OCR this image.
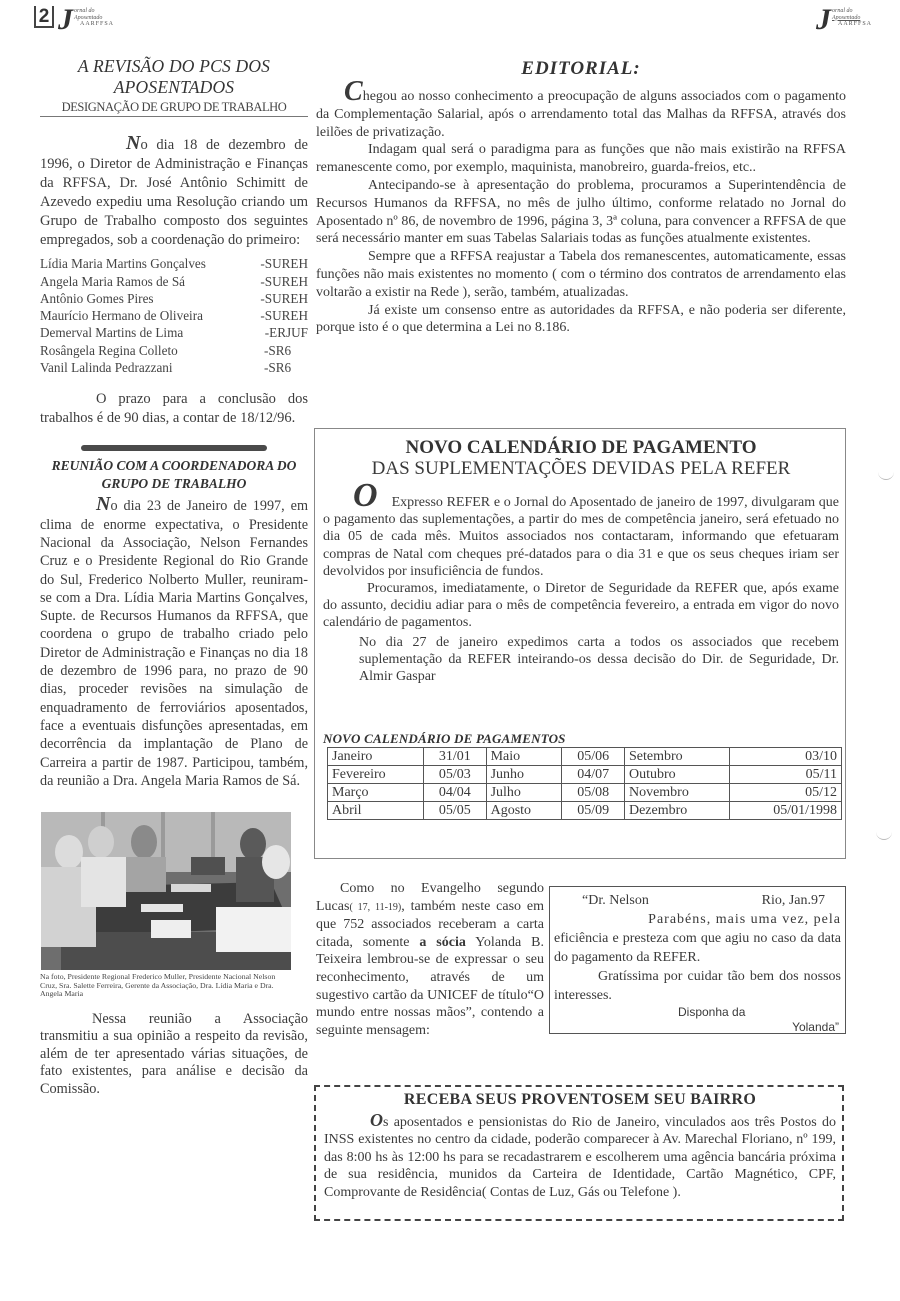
2 J ornal do
Aposentado
AARFFSA	J ornal do
Aposentado
AARFFSA
A REVISÃO DO PCS DOS APOSENTADOS
DESIGNAÇÃO DE GRUPO DE TRABALHO

No dia 18 de dezembro de 1996, o Diretor de Administração e Finanças da RFFSA, Dr. José Antônio Schimitt de Azevedo expediu uma Resolução criando um Grupo de Trabalho composto dos seguintes empregados, sob a coordenação do primeiro:

Lídia Maria Martins Gonçalves	-SUREH
Angela Maria Ramos de Sá	-SUREH
Antônio Gomes Pires	-SUREH
Maurício Hermano de Oliveira	-SUREH
Demerval Martins de Lima	-ERJUF
Rosângela Regina Colleto	-SR6
Vanil Lalinda Pedrazzani	-SR6

O prazo para a conclusão dos trabalhos é de 90 dias, a contar de 18/12/96.

REUNIÃO COM A COORDENADORA DO GRUPO DE TRABALHO

No dia 23 de Janeiro de 1997, em clima de enorme expectativa, o Presidente Nacional da Associação, Nelson Fernandes Cruz e o Presidente Regional do Rio Grande do Sul, Frederico Nolberto Muller, reuniram-se com a Dra. Lídia Maria Martins Gonçalves, Supte. de Recursos Humanos da RFFSA, que coordena o grupo de trabalho criado pelo Diretor de Administração e Finanças no dia 18 de dezembro de 1996 para, no prazo de 90 dias, proceder revisões na simulação de enquadramento de ferroviários aposentados, face a eventuais disfunções apresentadas, em decorrência da implantação de Plano de Carreira a partir de 1987. Participou, também, da reunião a Dra. Angela Maria Ramos de Sá.

Na foto, Presidente Regional Frederico Muller, Presidente Nacional Nelson Cruz, Sra. Salette Ferreira, Gerente da Associação, Dra. Lídia Maria e Dra. Angela Maria

Nessa reunião a Associação transmitiu a sua opinião a respeito da revisão, além de ter apresentado várias situações, de fato existentes, para análise e decisão da Comissão.

EDITORIAL:

Chegou ao nosso conhecimento a preocupação de alguns associados com o pagamento da Complementação Salarial, após o arrendamento total das Malhas da RFFSA, através dos leilões de privatização.

Indagam qual será o paradigma para as funções que não mais existirão na RFFSA remanescente como, por exemplo, maquinista, manobreiro, guarda-freios, etc..

Antecipando-se à apresentação do problema, procuramos a Superintendência de Recursos Humanos da RFFSA, no mês de julho último, conforme relatado no Jornal do Aposentado nº 86, de novembro de 1996, página 3, 3ª coluna, para convencer a RFFSA de que será necessário manter em suas Tabelas Salariais todas as funções atualmente existentes.

Sempre que a RFFSA reajustar a Tabela dos remanescentes, automaticamente, essas funções não mais existentes no momento ( com o término dos contratos de arrendamento elas voltarão a existir na Rede ), serão, também, atualizadas.

Já existe um consenso entre as autoridades da RFFSA, e não poderia ser diferente, porque isto é o que determina a Lei no 8.186.

NOVO CALENDÁRIO DE PAGAMENTO
DAS SUPLEMENTAÇÕES DEVIDAS PELA REFER

O Expresso REFER e o Jornal do Aposentado de janeiro de 1997, divulgaram que o pagamento das suplementações, a partir do mes de competência janeiro, será efetuado no dia 05 de cada mês. Muitos associados nos contactaram, informando que efetuaram compras de Natal com cheques pré-datados para o dia 31 e que os seus cheques iriam ser devolvidos por insuficiência de fundos.

Procuramos, imediatamente, o Diretor de Seguridade da REFER que, após exame do assunto, decidiu adiar para o mês de competência fevereiro, a entrada em vigor do novo calendário de pagamentos.

No dia 27 de janeiro expedimos carta a todos os associados que recebem suplementação da REFER inteirando-os dessa decisão do Dir. de Seguridade, Dr. Almir Gaspar

NOVO CALENDÁRIO DE PAGAMENTOS
Janeiro	31/01	Maio	05/06	Setembro	03/10
Fevereiro	05/03	Junho	04/07	Outubro	05/11
Março	04/04	Julho	05/08	Novembro	05/12
Abril	05/05	Agosto	05/09	Dezembro	05/01/1998

Como no Evangelho segundo Lucas( 17, 11-19), também neste caso em que 752 associados receberam a carta citada, somente a sócia Yolanda B. Teixeira lembrou-se de expressar o seu reconhecimento, através de um sugestivo cartão da UNICEF de título“O mundo entre nossas mãos”, contendo a seguinte mensagem:

“Dr. Nelson	Rio, Jan.97
Parabéns, mais uma vez, pela
eficiência e presteza com que agiu no caso da data do pagamento da REFER.
Gratíssima por cuidar tão bem dos nossos interesses.
Disponha da
Yolanda”
RECEBA SEUS PROVENTOSEM SEU BAIRRO

Os aposentados e pensionistas do Rio de Janeiro, vinculados aos três Postos do INSS existentes no centro da cidade, poderão comparecer à Av. Marechal Floriano, nº 199, das 8:00 hs às 12:00 hs para se recadastrarem e escolherem uma agência bancária próxima de sua residência, munidos da Carteira de Identidade, Cartão Magnético, CPF, Comprovante de Residência( Contas de Luz, Gás ou Telefone ).
